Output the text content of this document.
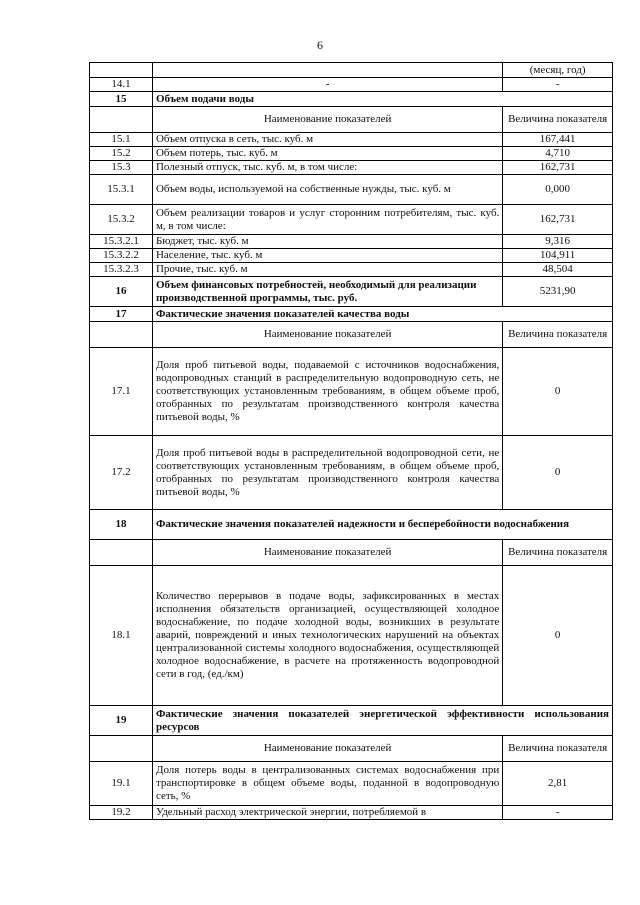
6
		(месяц, год)
14.1	-	-
15	Объем подачи воды	
	Наименование показателей	Величина показателя
15.1	Объем отпуска в сеть, тыс. куб. м	167,441
15.2	Объем потерь, тыс. куб. м	4,710
15.3	Полезный отпуск, тыс. куб. м, в том числе:	162,731
15.3.1	Объем воды, используемой на собственные нужды, тыс. куб. м	0,000
15.3.2	Объем реализации товаров и услуг сторонним потребителям, тыс. куб. м, в том числе:	162,731
15.3.2.1	Бюджет, тыс. куб. м	9,316
15.3.2.2	Население, тыс. куб. м	104,911
15.3.2.3	Прочие, тыс. куб. м	48,504
16	Объем финансовых потребностей, необходимый для реализации производственной программы, тыс. руб.	5231,90
17	Фактические значения показателей качества воды	
	Наименование показателей	Величина показателя
17.1	Доля проб питьевой воды, подаваемой с источников водоснабжения, водопроводных станций в распределительную водопроводную сеть, не соответствующих установленным требованиям, в общем объеме проб, отобранных по результатам производственного контроля качества питьевой воды, %	0
17.2	Доля проб питьевой воды в распределительной водопроводной сети, не соответствующих установленным требованиям, в общем объеме проб, отобранных по результатам производственного контроля качества питьевой воды, %	0
18	Фактические значения показателей надежности и бесперебойности водоснабжения	
	Наименование показателей	Величина показателя
18.1	Количество перерывов в подаче воды, зафиксированных в местах исполнения обязательств организацией, осуществляющей холодное водоснабжение, по подаче холодной воды, возникших в результате аварий, повреждений и иных технологических нарушений на объектах централизованной системы холодного водоснабжения, осуществляющей холодное водоснабжение, в расчете на протяженность водопроводной сети в год, (ед./км)	0
19	Фактические значения показателей энергетической эффективности использования ресурсов	
	Наименование показателей	Величина показателя
19.1	Доля потерь воды в централизованных системах водоснабжения при транспортировке в общем объеме воды, поданной в водопроводную сеть, %	2,81
19.2	Удельный расход электрической энергии, потребляемой в	-
